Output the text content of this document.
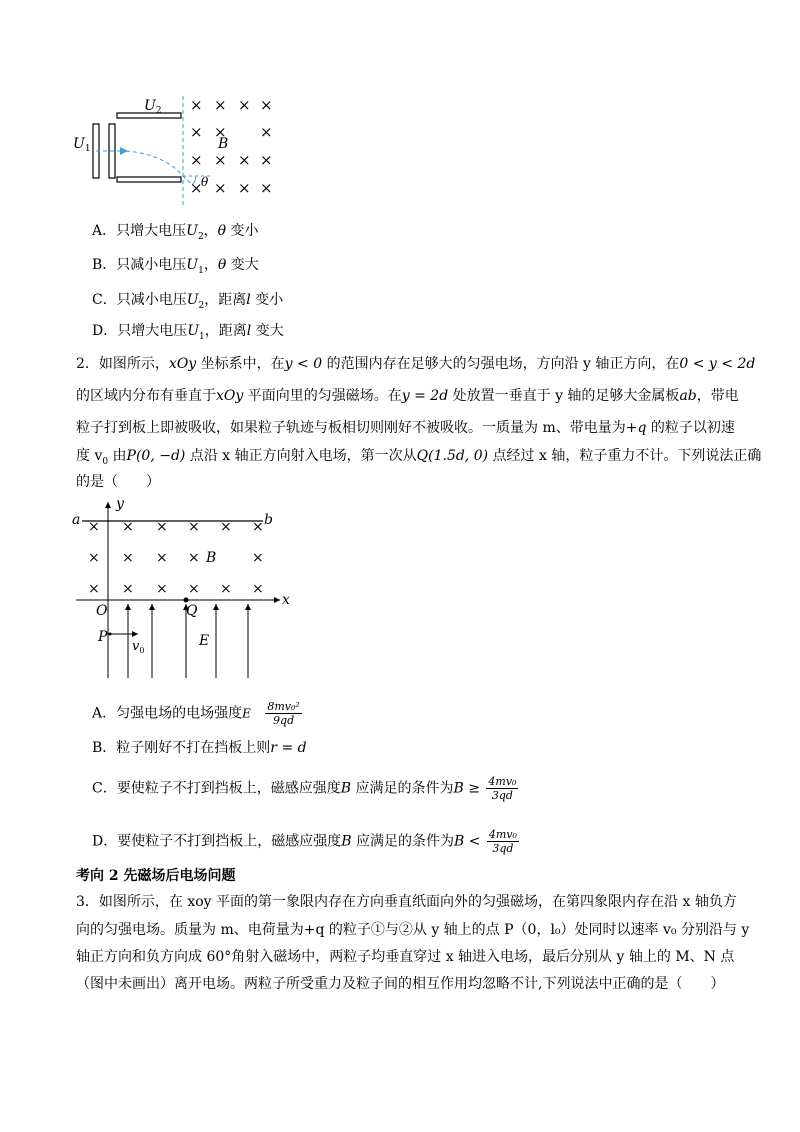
× × × ×
× × ×
× × × ×
× × × ×
$U_2$
$U_1$	B
θ
A．只增大电压$U_2$，θ 变小
B．只减小电压$U_1$，θ 变大
C．只减小电压$U_2$，距离l 变小
D．只增大电压$U_1$，距离l 变大
2．如图所示，xOy 坐标系中，在y < 0 的范围内存在足够大的匀强电场，方向沿 y 轴正方向，在0 < y < 2d
的区域内分布有垂直于xOy 平面向里的匀强磁场。在y = 2d 处放置一垂直于 y 轴的足够大金属板ab，带电
粒子打到板上即被吸收，如果粒子轨迹与板相切则刚好不被吸收。一质量为 m、带电量为+q 的粒子以初速
度 $v_0$ 由P(0, −d) 点沿 x 轴正方向射入电场，第一次从Q(1.5d, 0) 点经过 x 轴，粒子重力不计。下列说法正确
的是（　　）
× × × × × ×
× × × ×	×
× × × × × ×
a	b
y
x
O	Q
P
$v_0$
E
B
A．匀强电场的电场强度E $\frac{\text{8mv₀²}}{9qd}$
B．粒子刚好不打在挡板上则r = d
C．要使粒子不打到挡板上，磁感应强度B 应满足的条件为$B \ge \frac{\text{4mv₀}}{3qd}$
D．要使粒子不打到挡板上，磁感应强度B 应满足的条件为$B < \frac{\text{4mv₀}}{3qd}$
考向 2 先磁场后电场问题
3．如图所示，在 xoy 平面的第一象限内存在方向垂直纸面向外的匀强磁场，在第四象限内存在沿 x 轴负方
向的匀强电场。质量为 m、电荷量为+q 的粒子①与②从 y 轴上的点 P（0，l₀）处同时以速率 v₀ 分别沿与 y
轴正方向和负方向成 60°角射入磁场中，两粒子均垂直穿过 x 轴进入电场，最后分别从 y 轴上的 M、N 点
（图中未画出）离开电场。两粒子所受重力及粒子间的相互作用均忽略不计,下列说法中正确的是（　　）
